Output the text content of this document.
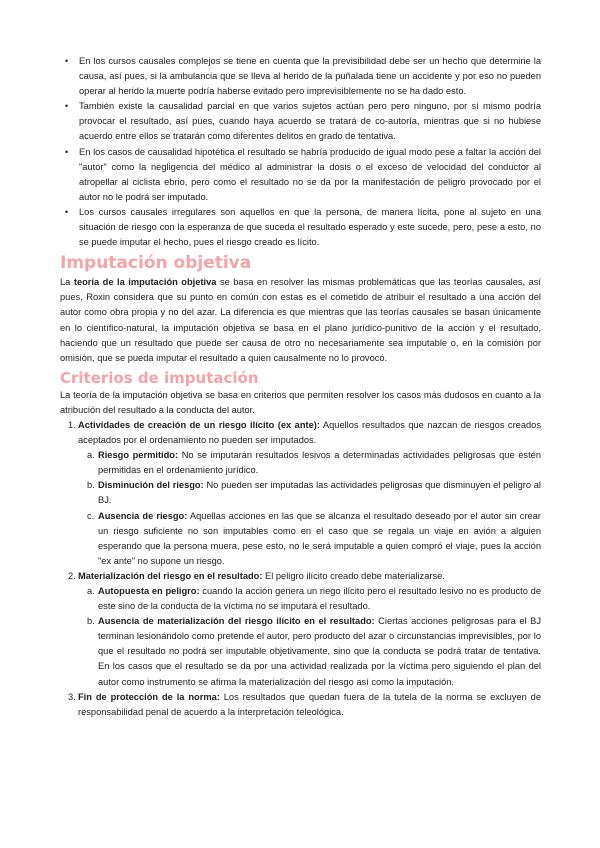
• En los cursos causales complejos se tiene en cuenta que la previsibilidad debe ser un hecho que determine la causa, así pues, si la ambulancia que se lleva al herido de la puñalada tiene un accidente y por eso no pueden operar al herido la muerte podría haberse evitado pero imprevisiblemente no se ha dado esto.
• También existe la causalidad parcial en que varios sujetos actúan pero pero ninguno, por sí mismo podría provocar el resultado, así pues, cuando haya acuerdo se tratará de co-autoría, mientras que si no hubiese acuerdo entre ellos se tratarán como diferentes delitos en grado de tentativa.
• En los casos de causalidad hipotética el resultado se habría producido de igual modo pese a faltar la acción del "autor" como la negligencia del médico al administrar la dosis o el exceso de velocidad del conductor al atropellar al ciclista ebrio, pero como el resultado no se da por la manifestación de peligro provocado por el autor no le podrá ser imputado.
• Los cursos causales irregulares son aquellos en que la persona, de manera lícita, pone al sujeto en una situación de riesgo con la esperanza de que suceda el resultado esperado y este sucede, pero, pese a esto, no se puede imputar el hecho, pues el riesgo creado es lícito.
Imputación objetiva

La teoría de la imputación objetiva se basa en resolver las mismas problemáticas que las teorías causales, así pues, Roxin considera que su punto en común con estas es el cometido de atribuir el resultado a una acción del autor como obra propia y no del azar. La diferencia es que mientras que las teorías causales se basan únicamente en lo científico-natural, la imputación objetiva se basa en el plano jurídico-punitivo de la acción y el resultado, haciendo que un resultado que puede ser causa de otro no necesariamente sea imputable o, en la comisión por omisión, que se pueda imputar el resultado a quien causalmente no lo provocó.

Criterios de imputación

La teoría de la imputación objetiva se basa en criterios que permiten resolver los casos más dudosos en cuanto a la atribución del resultado a la conducta del autor.

1. Actividades de creación de un riesgo ilícito (ex ante): Aquellos resultados que nazcan de riesgos creados aceptados por el ordenamiento no pueden ser imputados.
a. Riesgo permitido: No se imputarán resultados lesivos a determinadas actividades peligrosas que estén permitidas en el ordenamiento jurídico.
b. Disminución del riesgo: No pueden ser imputadas las actividades peligrosas que disminuyen el peligro al BJ.
c. Ausencia de riesgo: Aquellas acciones en las que se alcanza el resultado deseado por el autor sin crear un riesgo suficiente no son imputables como en el caso que se regala un viaje en avión a alguien esperando que la persona muera, pese esto, no le será imputable a quien compró el viaje, pues la acción "ex ante" no supone un riesgo.
2. Materialización del riesgo en el resultado: El peligro ilícito creado debe materializarse.
a. Autopuesta en peligro: cuando la acción genera un riego ilícito pero el resultado lesivo no es producto de este sino de la conducta de la víctima no se imputará el resultado.
b. Ausencia de materialización del riesgo ilícito en el resultado: Ciertas acciones peligrosas para el BJ terminan lesionándolo como pretende el autor, pero producto del azar o circunstancias imprevisibles, por lo que el resultado no podrá ser imputable objetivamente, sino que la conducta se podrá tratar de tentativa. En los casos que el resultado se da por una actividad realizada por la víctima pero siguiendo el plan del autor como instrumento se afirma la materialización del riesgo así como la imputación.
3. Fin de protección de la norma: Los resultados que quedan fuera de la tutela de la norma se excluyen de responsabilidad penal de acuerdo a la interpretación teleológica.
